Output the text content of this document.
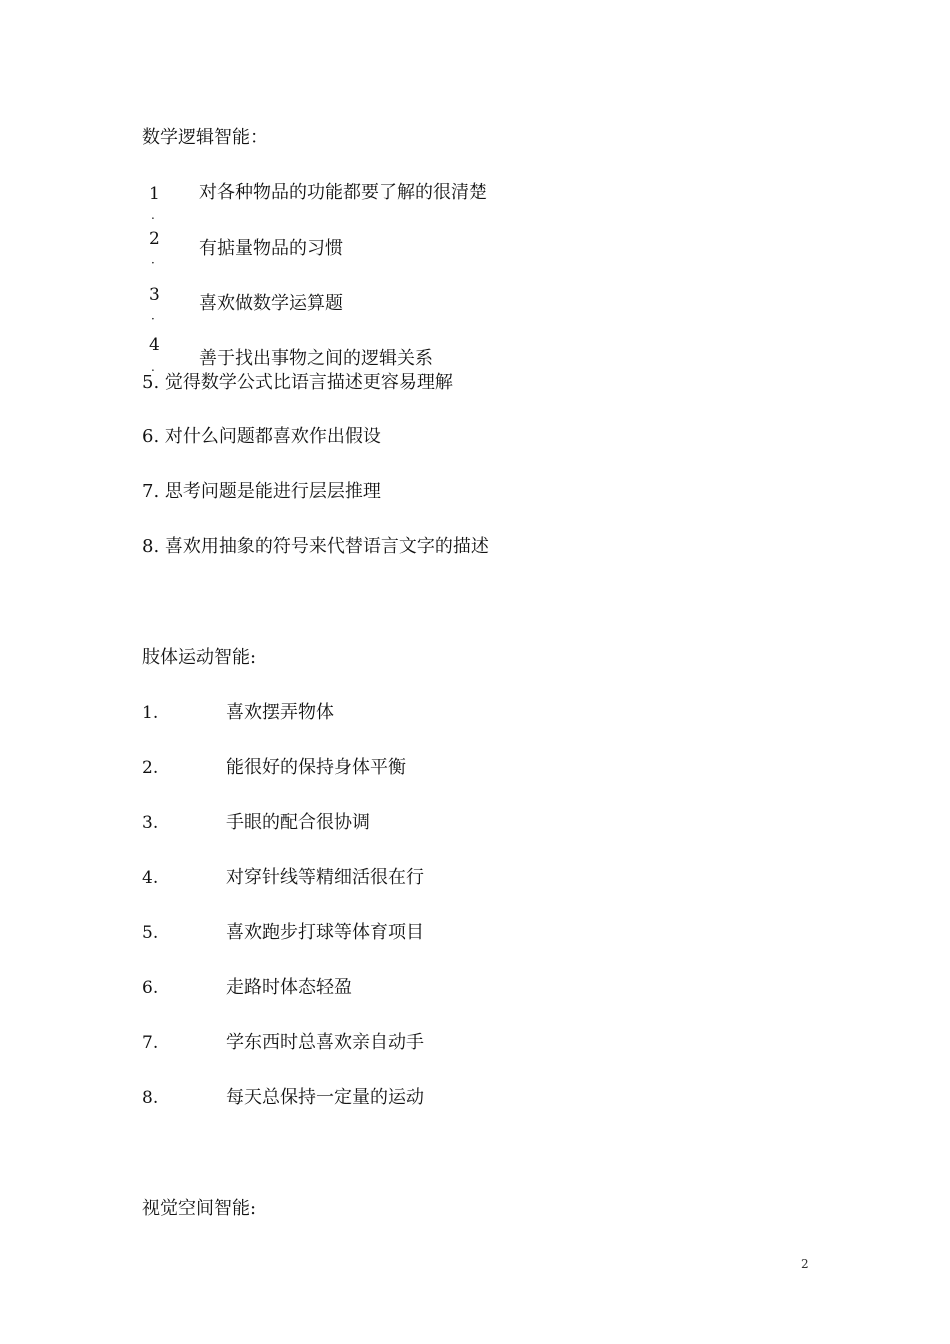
数学逻辑智能：
1
.
对各种物品的功能都要了解的很清楚
2
·
有掂量物品的习惯
3
·
喜欢做数学运算题
4
. 善于找出事物之间的逻辑关系
5. 觉得数学公式比语言描述更容易理解
6. 对什么问题都喜欢作出假设
7. 思考问题是能进行层层推理
8. 喜欢用抽象的符号来代替语言文字的描述
肢体运动智能:
1.	喜欢摆弄物体
2.	能很好的保持身体平衡
3.	手眼的配合很协调
4.	对穿针线等精细活很在行
5.	喜欢跑步打球等体育项目
6.	走路时体态轻盈
7.	学东西时总喜欢亲自动手
8.	每天总保持一定量的运动
视觉空间智能:
2
